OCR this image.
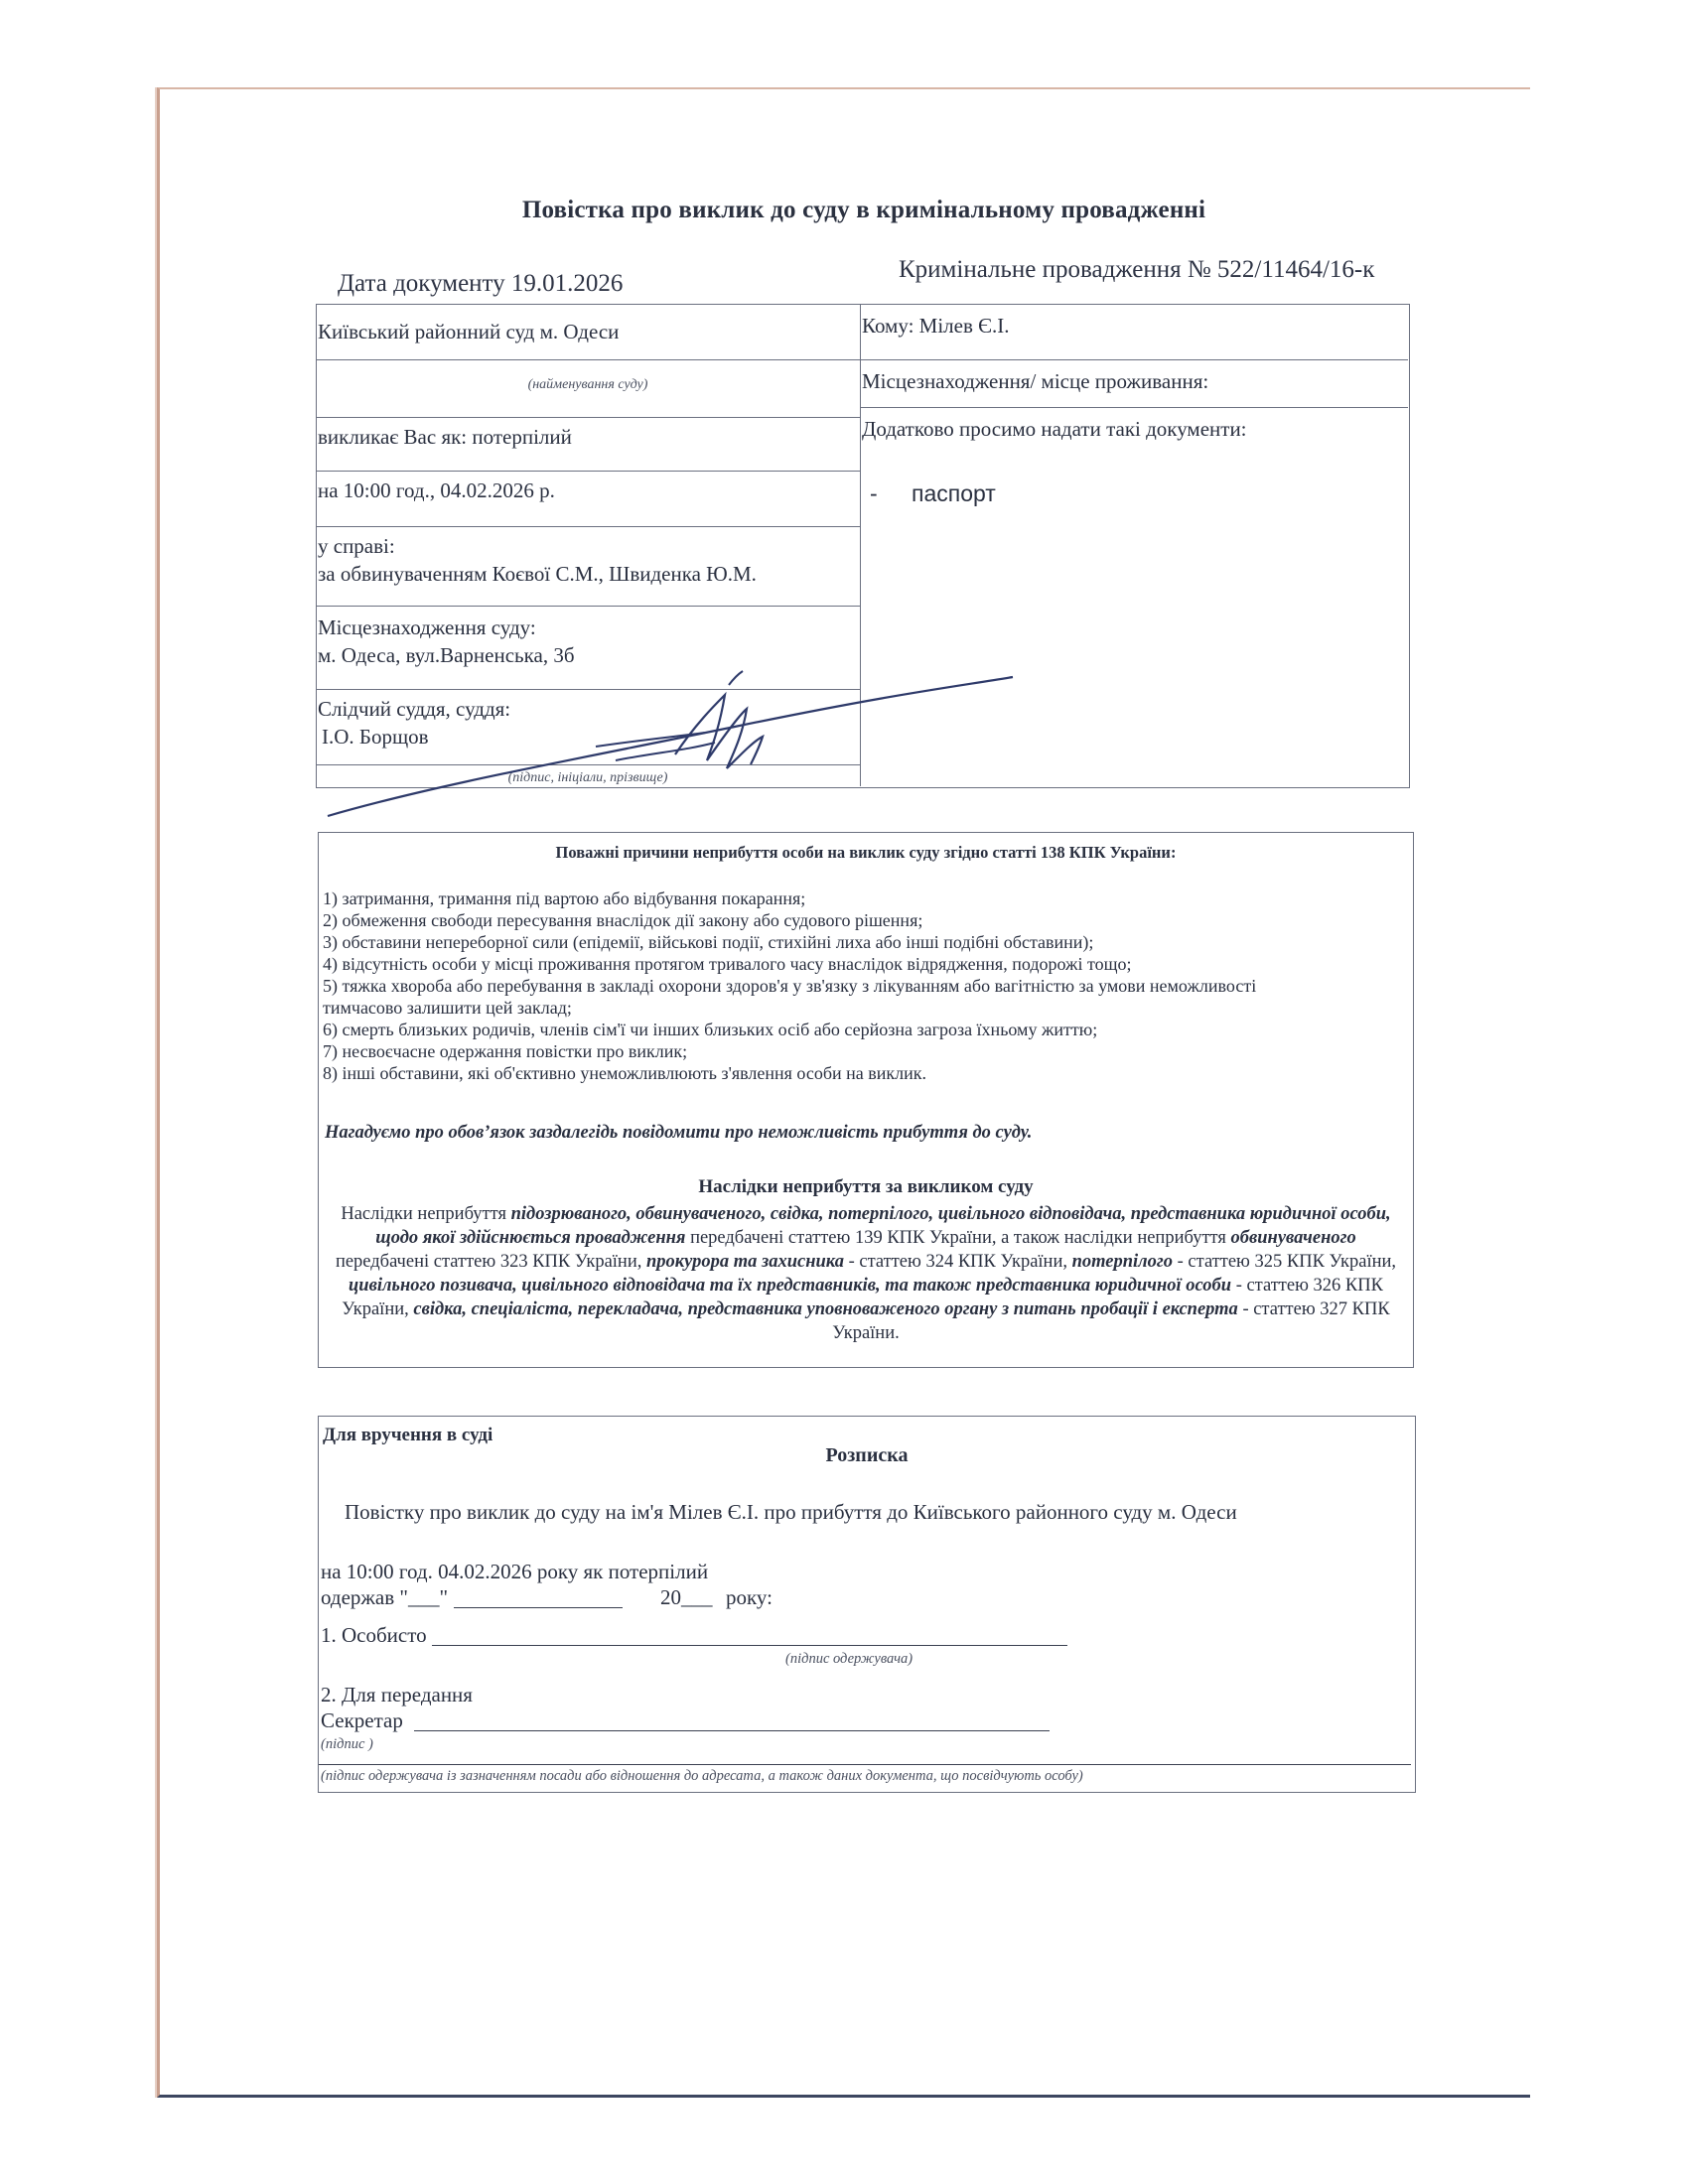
Повістка про виклик до суду в кримінальному провадженні
Дата документу 19.01.2026
Кримінальне провадження № 522/11464/16-к
Київський районний суд м. Одеси
(найменування суду)
викликає Вас як: потерпілий
на 10:00 год., 04.02.2026 р.
у справі:
за обвинуваченням Коєвої С.М., Швиденка Ю.М.
Місцезнаходження суду:
м. Одеса, вул.Варненська, 3б
Слідчий суддя, суддя:
І.О. Борщов
(підпис, ініціали, прізвище)
Кому: Мілев Є.І.
Місцезнаходження/ місце проживання:
Додатково просимо надати такі документи:
- паспорт
Поважні причини неприбуття особи на виклик суду згідно статті 138 КПК України:
1) затримання, тримання під вартою або відбування покарання;
2) обмеження свободи пересування внаслідок дії закону або судового рішення;
3) обставини непереборної сили (епідемії, військові події, стихійні лиха або інші подібні обставини);
4) відсутність особи у місці проживання протягом тривалого часу внаслідок відрядження, подорожі тощо;
5) тяжка хвороба або перебування в закладі охорони здоров'я у зв'язку з лікуванням або вагітністю за умови неможливості
тимчасово залишити цей заклад;
6) смерть близьких родичів, членів сім'ї чи інших близьких осіб або серйозна загроза їхньому життю;
7) несвоєчасне одержання повістки про виклик;
8) інші обставини, які об'єктивно унеможливлюють з'явлення особи на виклик.
Нагадуємо про обов’язок заздалегідь повідомити про неможливість прибуття до суду.
Наслідки неприбуття за викликом суду
Наслідки неприбуття підозрюваного, обвинуваченого, свідка, потерпілого, цивільного відповідача, представника юридичної особи, щодо якої здійснюється провадження передбачені статтею 139 КПК України, а також наслідки неприбуття обвинуваченого передбачені статтею 323 КПК України, прокурора та захисника - статтею 324 КПК України, потерпілого - статтею 325 КПК України, цивільного позивача, цивільного відповідача та їх представників, та також представника юридичної особи - статтею 326 КПК України, свідка, спеціаліста, перекладача, представника уповноваженого органу з питань пробації і експерта - статтею 327 КПК України.
Для вручення в суді
Розписка
Повістку про виклик до суду на ім'я Мілев Є.І. про прибуття до Київського районного суду м. Одеси
на 10:00 год. 04.02.2026 року як потерпілий
одержав "___"	20___ року:
1. Особисто
(підпис одержувача)
2. Для передання
Секретар
(підпис )
(підпис одержувача із зазначенням посади або відношення до адресата, а також даних документа, що посвідчують особу)
